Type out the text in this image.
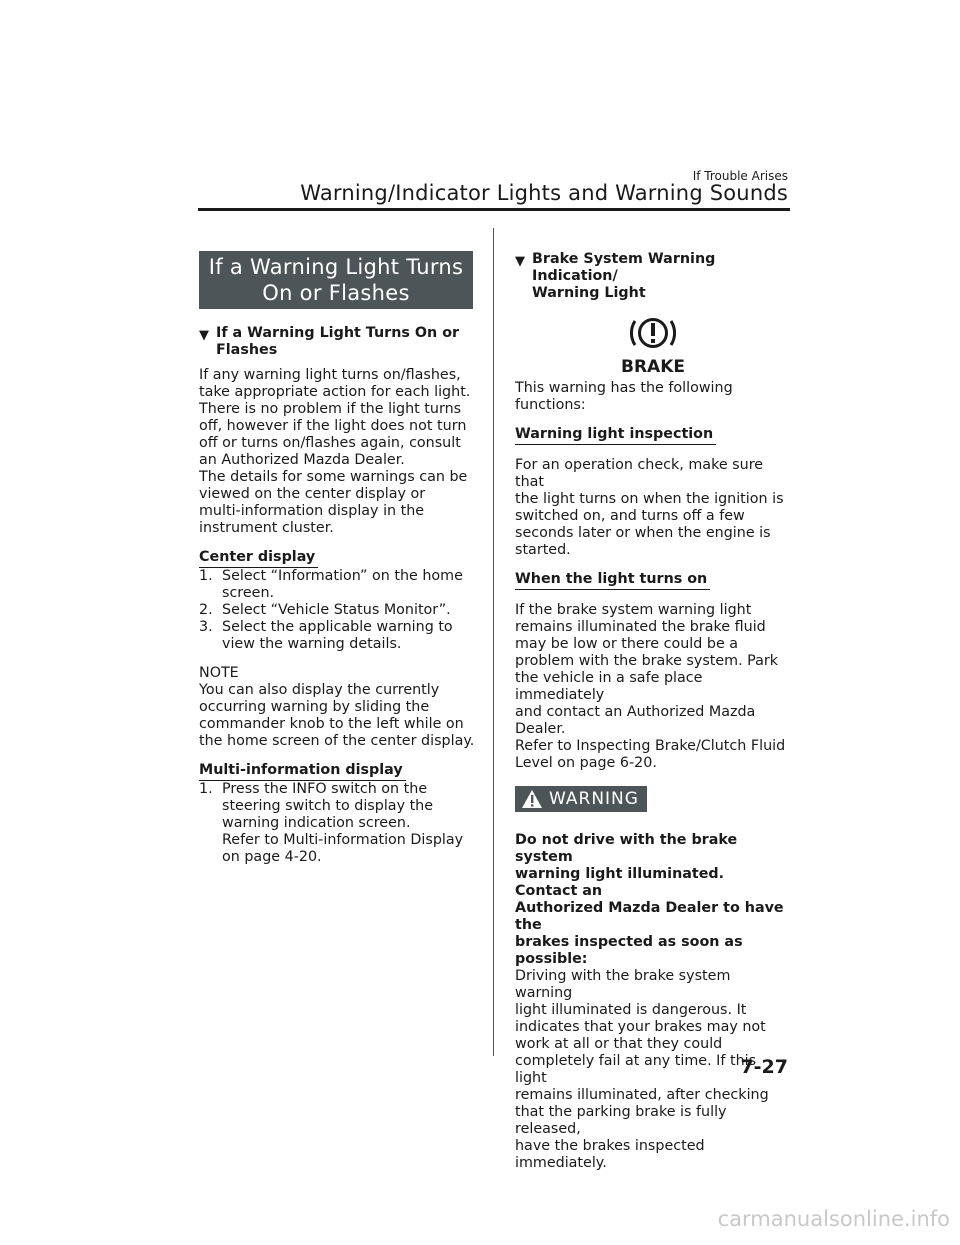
If Trouble Arises
Warning/Indicator Lights and Warning Sounds
If a Warning Light Turns
On or Flashes
▼ If a Warning Light Turns On or
Flashes

If any warning light turns on/flashes,
take appropriate action for each light.
There is no problem if the light turns
off, however if the light does not turn
off or turns on/flashes again, consult
an Authorized Mazda Dealer.
The details for some warnings can be
viewed on the center display or
multi-information display in the
instrument cluster.

Center display
1. Select “Information” on the home
screen.
2. Select “Vehicle Status Monitor”.
3. Select the applicable warning to
view the warning details.

NOTE

You can also display the currently
occurring warning by sliding the
commander knob to the left while on
the home screen of the center display.

Multi-information display
1. Press the INFO switch on the
steering switch to display the
warning indication screen.
Refer to Multi-information Display
on page 4-20.
▼ Brake System Warning Indication/
Warning Light
BRAKE

This warning has the following
functions:

Warning light inspection

For an operation check, make sure that
the light turns on when the ignition is
switched on, and turns off a few
seconds later or when the engine is
started.

When the light turns on

If the brake system warning light
remains illuminated the brake fluid
may be low or there could be a
problem with the brake system. Park
the vehicle in a safe place immediately
and contact an Authorized Mazda
Dealer.
Refer to Inspecting Brake/Clutch Fluid
Level on page 6-20.

WARNING

Do not drive with the brake system
warning light illuminated. Contact an
Authorized Mazda Dealer to have the
brakes inspected as soon as possible:

Driving with the brake system warning
light illuminated is dangerous. It
indicates that your brakes may not
work at all or that they could
completely fail at any time. If this light
remains illuminated, after checking
that the parking brake is fully released,
have the brakes inspected
immediately.

7-27
carmanualsonline.info
